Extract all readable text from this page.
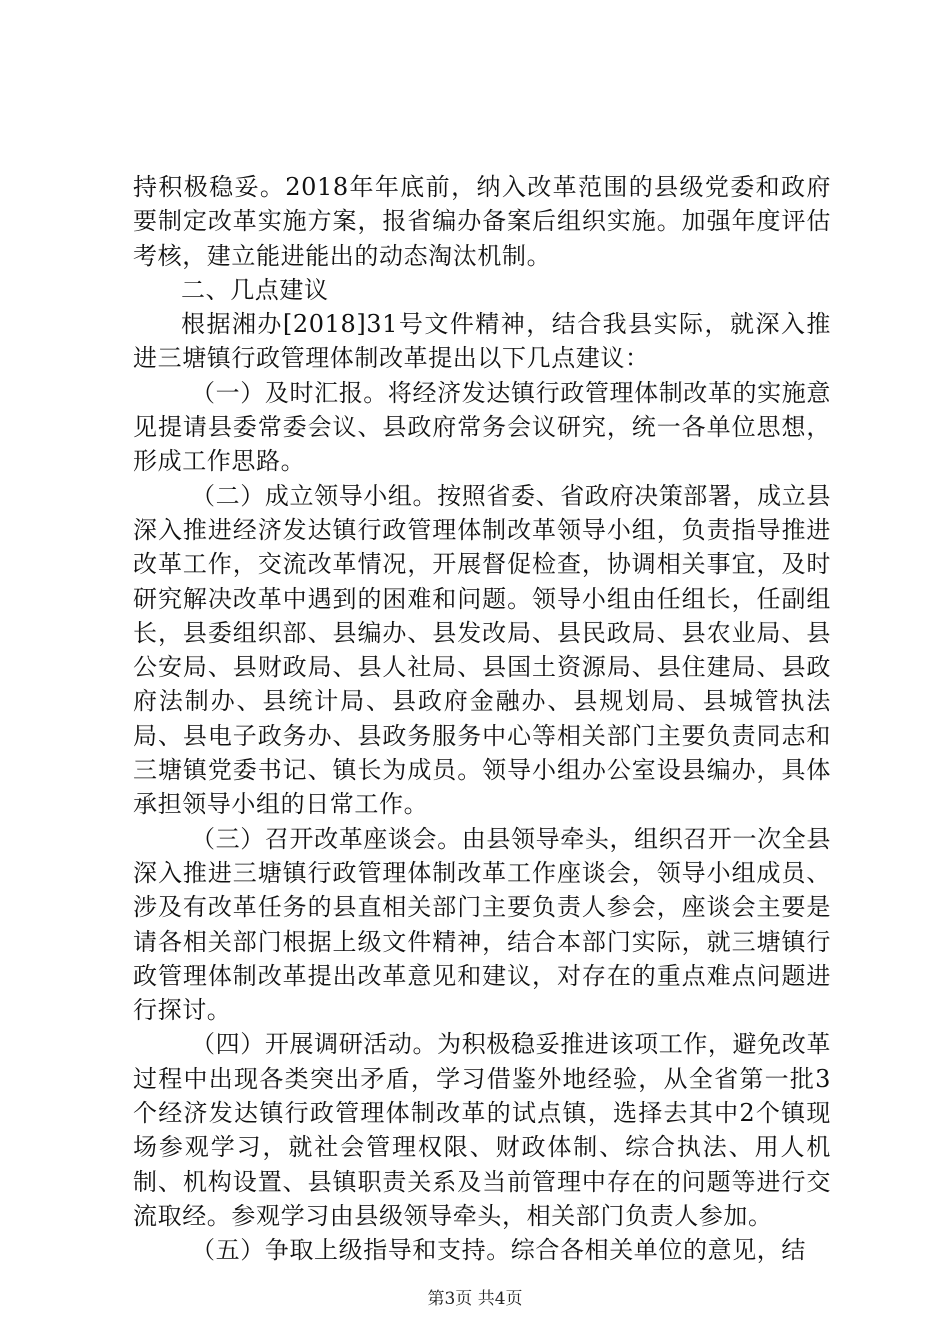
持积极稳妥。2018年年底前，纳入改革范围的县级党委和政府要制定改革实施方案，报省编办备案后组织实施。加强年度评估考核，建立能进能出的动态淘汰机制。

二、几点建议

根据湘办[2018]31号文件精神，结合我县实际，就深入推进三塘镇行政管理体制改革提出以下几点建议：

（一）及时汇报。将经济发达镇行政管理体制改革的实施意见提请县委常委会议、县政府常务会议研究，统一各单位思想，形成工作思路。

（二）成立领导小组。按照省委、省政府决策部署，成立县深入推进经济发达镇行政管理体制改革领导小组，负责指导推进改革工作，交流改革情况，开展督促检查，协调相关事宜，及时研究解决改革中遇到的困难和问题。领导小组由任组长，任副组长，县委组织部、县编办、县发改局、县民政局、县农业局、县公安局、县财政局、县人社局、县国土资源局、县住建局、县政府法制办、县统计局、县政府金融办、县规划局、县城管执法局、县电子政务办、县政务服务中心等相关部门主要负责同志和三塘镇党委书记、镇长为成员。领导小组办公室设县编办，具体承担领导小组的日常工作。

（三）召开改革座谈会。由县领导牵头，组织召开一次全县深入推进三塘镇行政管理体制改革工作座谈会，领导小组成员、涉及有改革任务的县直相关部门主要负责人参会，座谈会主要是请各相关部门根据上级文件精神，结合本部门实际，就三塘镇行政管理体制改革提出改革意见和建议，对存在的重点难点问题进行探讨。

（四）开展调研活动。为积极稳妥推进该项工作，避免改革过程中出现各类突出矛盾，学习借鉴外地经验，从全省第一批3个经济发达镇行政管理体制改革的试点镇，选择去其中2个镇现场参观学习，就社会管理权限、财政体制、综合执法、用人机制、机构设置、县镇职责关系及当前管理中存在的问题等进行交流取经。参观学习由县级领导牵头，相关部门负责人参加。

（五）争取上级指导和支持。综合各相关单位的意见，结

第3页 共4页
